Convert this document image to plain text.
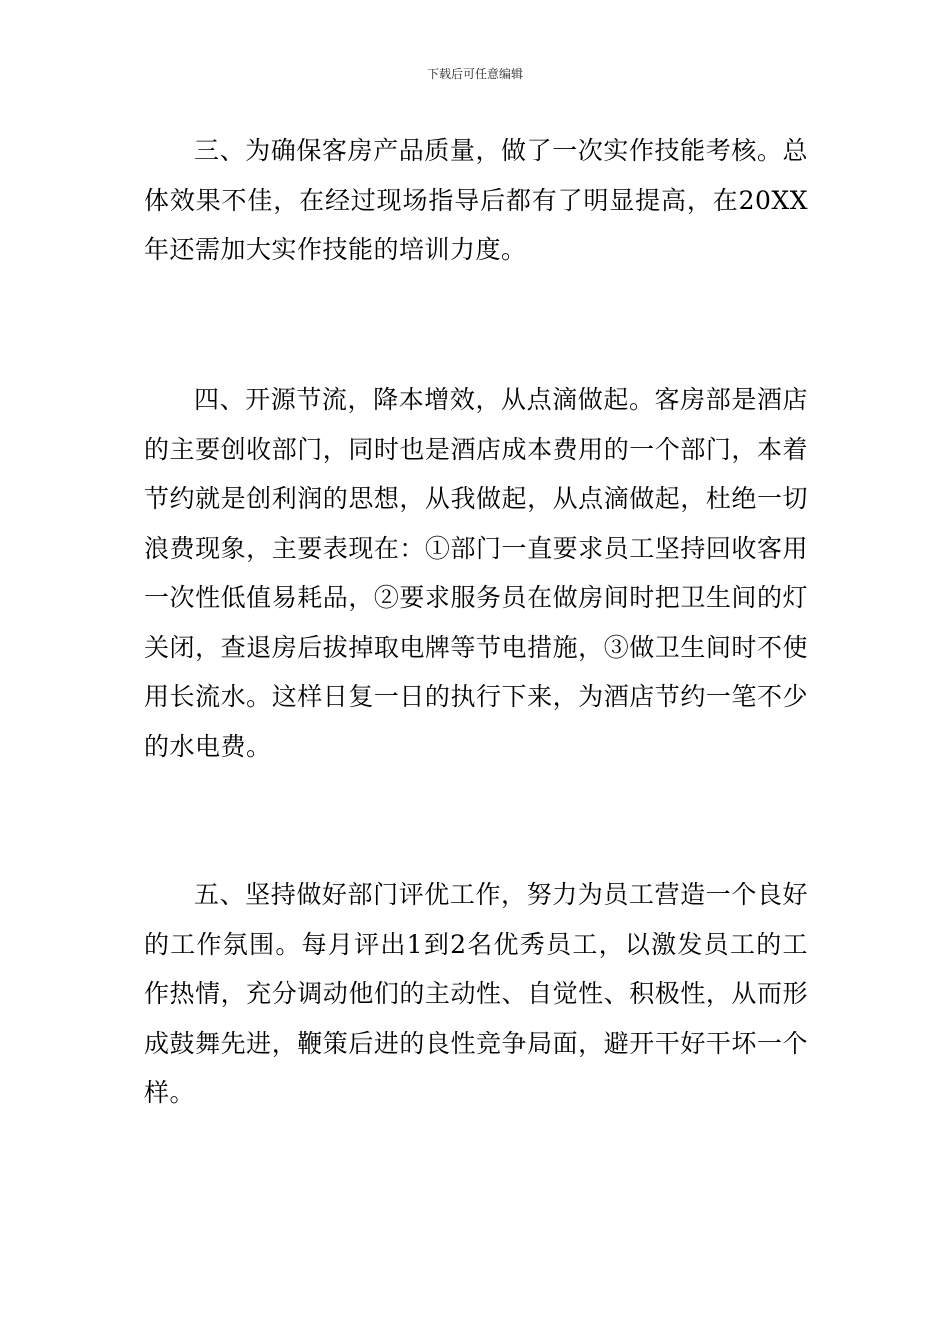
下载后可任意编辑

三、为确保客房产品质量，做了一次实作技能考核。总体效果不佳，在经过现场指导后都有了明显提高，在20XX年还需加大实作技能的培训力度。

四、开源节流，降本增效，从点滴做起。客房部是酒店的主要创收部门，同时也是酒店成本费用的一个部门，本着节约就是创利润的思想，从我做起，从点滴做起，杜绝一切浪费现象，主要表现在：①部门一直要求员工坚持回收客用一次性低值易耗品，②要求服务员在做房间时把卫生间的灯关闭，查退房后拔掉取电牌等节电措施，③做卫生间时不使用长流水。这样日复一日的执行下来，为酒店节约一笔不少的水电费。

五、坚持做好部门评优工作，努力为员工营造一个良好的工作氛围。每月评出1到2名优秀员工，以激发员工的工作热情，充分调动他们的主动性、自觉性、积极性，从而形成鼓舞先进，鞭策后进的良性竞争局面，避开干好干坏一个样。
